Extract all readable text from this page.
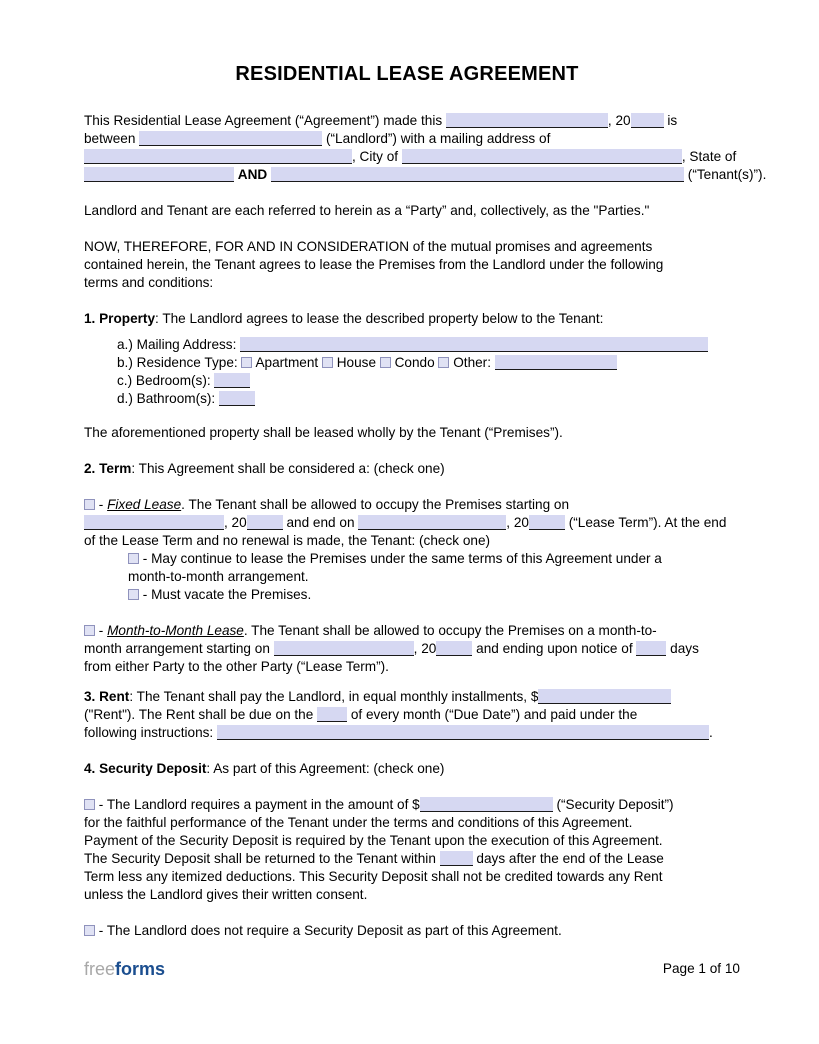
RESIDENTIAL LEASE AGREEMENT
This Residential Lease Agreement (“Agreement”) made this	, 20 is
between	(“Landlord”) with a mailing address of
, City of	, State of
AND	(“Tenant(s)”).
Landlord and Tenant are each referred to herein as a “Party” and, collectively, as the "Parties."
NOW, THEREFORE, FOR AND IN CONSIDERATION of the mutual promises and agreements
contained herein, the Tenant agrees to lease the Premises from the Landlord under the following
terms and conditions:
1. Property: The Landlord agrees to lease the described property below to the Tenant:
a.) Mailing Address:
b.) Residence Type:  Apartment  House  Condo  Other:
c.) Bedroom(s):
d.) Bathroom(s):
The aforementioned property shall be leased wholly by the Tenant (“Premises”).
2. Term: This Agreement shall be considered a: (check one)
- Fixed Lease. The Tenant shall be allowed to occupy the Premises starting on
, 20	and end on	, 20	(“Lease Term”). At the end
of the Lease Term and no renewal is made, the Tenant: (check one)
- May continue to lease the Premises under the same terms of this Agreement under a
month-to-month arrangement.
- Must vacate the Premises.
- Month-to-Month Lease. The Tenant shall be allowed to occupy the Premises on a month-to-
month arrangement starting on	, 20	and ending upon notice of  days
from either Party to the other Party (“Lease Term”).
3. Rent: The Tenant shall pay the Landlord, in equal monthly installments, $
("Rent"). The Rent shall be due on the  of every month (“Due Date”) and paid under the
following instructions:	.
4. Security Deposit: As part of this Agreement: (check one)
- The Landlord requires a payment in the amount of $	(“Security Deposit”)
for the faithful performance of the Tenant under the terms and conditions of this Agreement.
Payment of the Security Deposit is required by the Tenant upon the execution of this Agreement.
The Security Deposit shall be returned to the Tenant within  days after the end of the Lease
Term less any itemized deductions. This Security Deposit shall not be credited towards any Rent
unless the Landlord gives their written consent.
- The Landlord does not require a Security Deposit as part of this Agreement.
freeforms	Page 1 of 10
